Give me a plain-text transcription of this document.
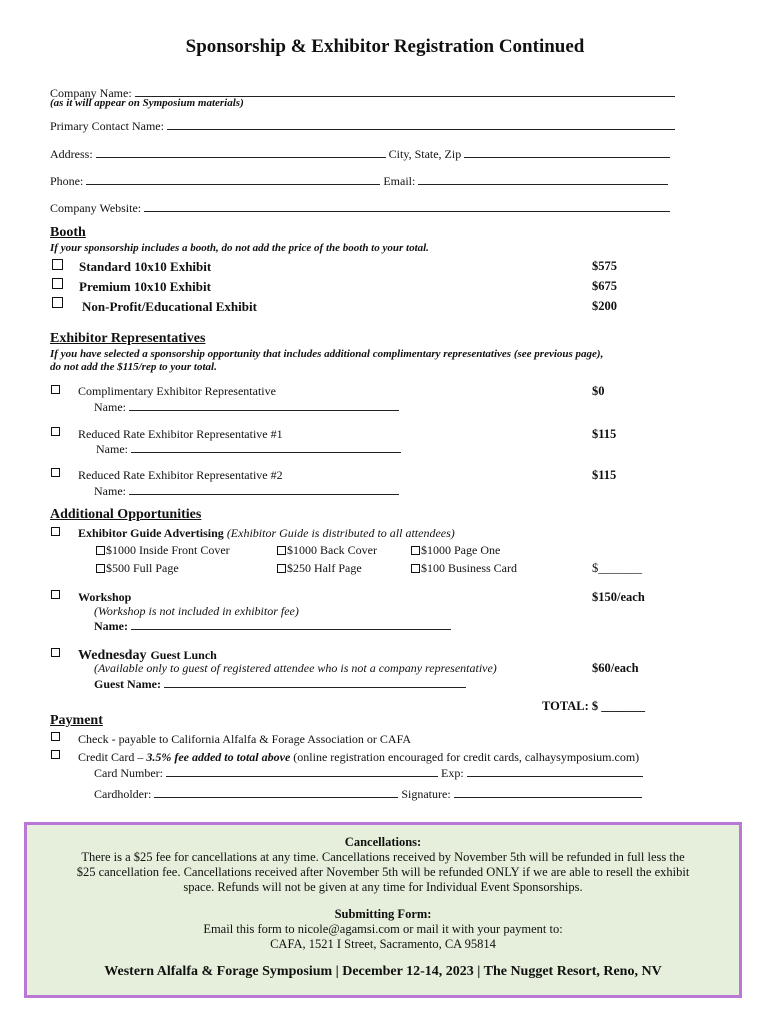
Sponsorship & Exhibitor Registration Continued
Company Name:
(as it will appear on Symposium materials)
Primary Contact Name:
Address:	City, State, Zip
Phone:	Email:
Company Website:
Booth
If your sponsorship includes a booth, do not add the price of the booth to your total.
Standard 10x10 Exhibit	$575
Premium 10x10 Exhibit	$675
Non-Profit/Educational Exhibit	$200
Exhibitor Representatives
If you have selected a sponsorship opportunity that includes additional complimentary representatives (see previous page),
do not add the $115/rep to your total.
Complimentary Exhibitor Representative	$0
Name:
Reduced Rate Exhibitor Representative #1	$115
Name:
Reduced Rate Exhibitor Representative #2	$115
Name:
Additional Opportunities
Exhibitor Guide Advertising (Exhibitor Guide is distributed to all attendees)
$1000 Inside Front Cover	$1000 Back Cover	$1000 Page One
$500 Full Page	$250 Half Page	$100 Business Card	$_______
Workshop	$150/each
(Workshop is not included in exhibitor fee)
Name:
Wednesday Guest Lunch
(Available only to guest of registered attendee who is not a company representative)	$60/each
Guest Name:
TOTAL: $ _______
Payment
Check - payable to California Alfalfa & Forage Association or CAFA
Credit Card – 3.5% fee added to total above (online registration encouraged for credit cards, calhaysymposium.com)
Card Number:	Exp:
Cardholder:	Signature:

Cancellations:

There is a $25 fee for cancellations at any time. Cancellations received by November 5th will be refunded in full less the

$25 cancellation fee. Cancellations received after November 5th will be refunded ONLY if we are able to resell the exhibit

space. Refunds will not be given at any time for Individual Event Sponsorships.

Submitting Form:

Email this form to nicole@agamsi.com or mail it with your payment to:

CAFA, 1521 I Street, Sacramento, CA 95814

Western Alfalfa & Forage Symposium | December 12-14, 2023 | The Nugget Resort, Reno, NV
